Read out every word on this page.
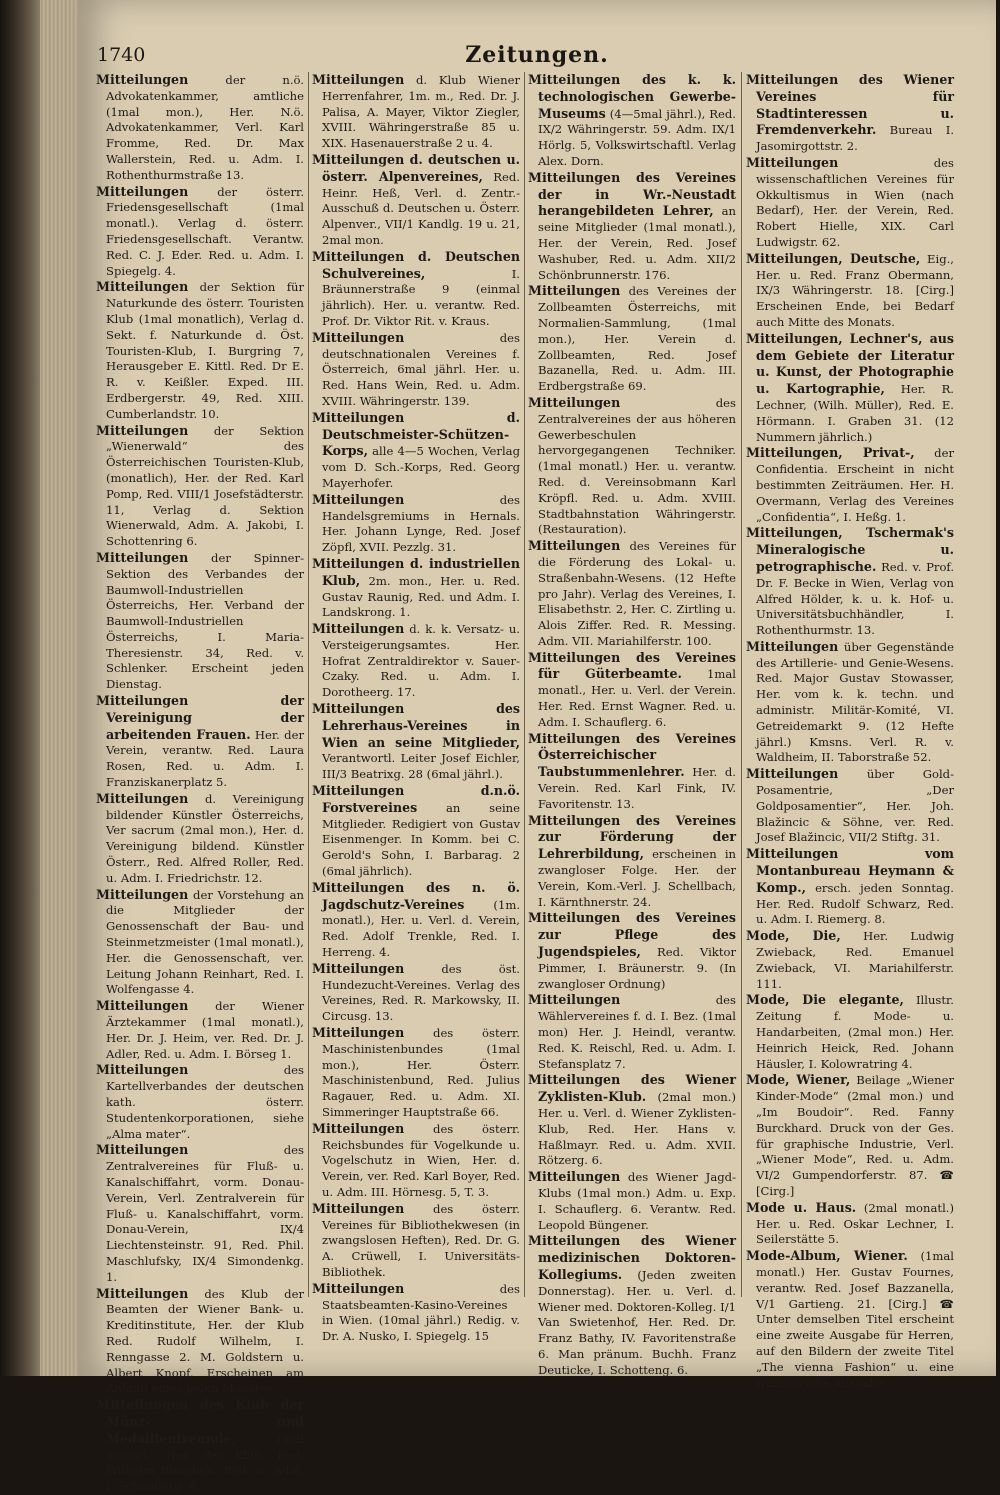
1740	Zeitungen.

Mitteilungen der n.ö. Advokatenkammer, amtliche (1mal mon.), Her. N.ö. Advokatenkammer, Verl. Karl Fromme, Red. Dr. Max Wallerstein, Red. u. Adm. I. Rothenthurmstraße 13.

Mitteilungen der österr. Friedensgesellschaft (1mal monatl.). Verlag d. österr. Friedensgesellschaft. Verantw. Red. C. J. Eder. Red. u. Adm. I. Spiegelg. 4.

Mitteilungen der Sektion für Naturkunde des österr. Touristen Klub (1mal monatlich), Verlag d. Sekt. f. Naturkunde d. Öst. Touristen-Klub, I. Burgring 7, Herausgeber E. Kittl. Red. Dr E. R. v. Keißler. Exped. III. Erdbergerstr. 49, Red. XIII. Cumberlandstr. 10.

Mitteilungen der Sektion „Wienerwald“ des Österreichischen Touristen-Klub, (monatlich), Her. der Red. Karl Pomp, Red. VIII/1 Josefstädterstr. 11, Verlag d. Sektion Wienerwald, Adm. A. Jakobi, I. Schottenring 6.

Mitteilungen der Spinner-Sektion des Verbandes der Baumwoll-Industriellen Österreichs, Her. Verband der Baumwoll-Industriellen Österreichs, I. Maria-Theresienstr. 34, Red. v. Schlenker. Erscheint jeden Dienstag.

Mitteilungen der Vereinigung der arbeitenden Frauen. Her. der Verein, verantw. Red. Laura Rosen, Red. u. Adm. I. Franziskanerplatz 5.

Mitteilungen d. Vereinigung bildender Künstler Österreichs, Ver sacrum (2mal mon.), Her. d. Vereinigung bildend. Künstler Österr., Red. Alfred Roller, Red. u. Adm. I. Friedrichstr. 12.

Mitteilungen der Vorstehung an die Mitglieder der Genossenschaft der Bau- und Steinmetzmeister (1mal monatl.), Her. die Genossenschaft, ver. Leitung Johann Reinhart, Red. I. Wolfengasse 4.

Mitteilungen der Wiener Ärztekammer (1mal monatl.), Her. Dr. J. Heim, ver. Red. Dr. J. Adler, Red. u. Adm. I. Börseg 1.

Mitteilungen des Kartellverbandes der deutschen kath. österr. Studentenkorporationen, siehe „Alma mater“.

Mitteilungen des Zentralvereines für Fluß- u. Kanalschiffahrt, vorm. Donau-Verein, Verl. Zentralverein für Fluß- u. Kanalschiffahrt, vorm. Donau-Verein, IX/4 Liechtensteinstr. 91, Red. Phil. Maschlufsky, IX/4 Simondenkg. 1.

Mitteilungen des Klub der Beamten der Wiener Bank- u. Kreditinstitute, Her. der Klub Red. Rudolf Wilhelm, I. Renngasse 2. M. Goldstern u. Albert Knopf. Erscheinen am Anfang eines jeden Monates.

Mitteilungen des Klub der Münz- und Medaillenfreunde, 1mal monatl., Her. der Klub, Red. Wilhelm Blaschek, Red. u. Adm. I. Schauflerg. 6.

Mitteilungen d. Klub Wiener Herrenfahrer, 1m. m., Red. Dr. J. Palisa, A. Mayer, Viktor Ziegler, XVIII. Währingerstraße 85 u. XIX. Hasenauerstraße 2 u. 4.

Mitteilungen d. deutschen u. österr. Alpenvereines, Red. Heinr. Heß, Verl. d. Zentr.-Ausschuß d. Deutschen u. Österr. Alpenver., VII/1 Kandlg. 19 u. 21, 2mal mon.

Mitteilungen d. Deutschen Schulvereines, I. Bräunnerstraße 9 (einmal jährlich). Her. u. verantw. Red. Prof. Dr. Viktor Rit. v. Kraus.

Mitteilungen des deutschnationalen Vereines f. Österreich, 6mal jährl. Her. u. Red. Hans Wein, Red. u. Adm. XVIII. Währingerstr. 139.

Mitteilungen d. Deutschmeister-Schützen-Korps, alle 4—5 Wochen, Verlag vom D. Sch.-Korps, Red. Georg Mayerhofer.

Mitteilungen des Handelsgremiums in Hernals. Her. Johann Lynge, Red. Josef Zöpfl, XVII. Pezzlg. 31.

Mitteilungen d. industriellen Klub, 2m. mon., Her. u. Red. Gustav Raunig, Red. und Adm. I. Landskrong. 1.

Mitteilungen d. k. k. Versatz- u. Versteigerungsamtes. Her. Hofrat Zentraldirektor v. Sauer-Czaky. Red. u. Adm. I. Dorotheerg. 17.

Mitteilungen des Lehrerhaus-Vereines in Wien an seine Mitglieder, Verantwortl. Leiter Josef Eichler, III/3 Beatrixg. 28 (6mal jährl.).

Mitteilungen d.n.ö. Forstvereines an seine Mitglieder. Redigiert von Gustav Eisenmenger. In Komm. bei C. Gerold's Sohn, I. Barbarag. 2 (6mal jährlich).

Mitteilungen des n. ö. Jagdschutz-Vereines (1m. monatl.), Her. u. Verl. d. Verein, Red. Adolf Trenkle, Red. I. Herreng. 4.

Mitteilungen des öst. Hundezucht-Vereines. Verlag des Vereines, Red. R. Markowsky, II. Circusg. 13.

Mitteilungen des österr. Maschinistenbundes (1mal mon.), Her. Österr. Maschinistenbund, Red. Julius Ragauer, Red. u. Adm. XI. Simmeringer Hauptstraße 66.

Mitteilungen des österr. Reichsbundes für Vogelkunde u. Vogelschutz in Wien, Her. d. Verein, ver. Red. Karl Boyer, Red. u. Adm. III. Hörnesg. 5, T. 3.

Mitteilungen des österr. Vereines für Bibliothekwesen (in zwangslosen Heften), Red. Dr. G. A. Crüwell, I. Universitäts-Bibliothek.

Mitteilungen des Staatsbeamten-Kasino-Vereines in Wien. (10mal jährl.) Redig. v. Dr. A. Nusko, I. Spiegelg. 15

Mitteilungen des k. k. technologischen Gewerbe-Museums (4—5mal jährl.), Red. IX/2 Währingerstr. 59. Adm. IX/1 Hörlg. 5, Volkswirtschaftl. Verlag Alex. Dorn.

Mitteilungen des Vereines der in Wr.-Neustadt herangebildeten Lehrer, an seine Mitglieder (1mal monatl.), Her. der Verein, Red. Josef Washuber, Red. u. Adm. XII/2 Schönbrunnerstr. 176.

Mitteilungen des Vereines der Zollbeamten Österreichs, mit Normalien-Sammlung, (1mal mon.), Her. Verein d. Zollbeamten, Red. Josef Bazanella, Red. u. Adm. III. Erdbergstraße 69.

Mitteilungen des Zentralvereines der aus höheren Gewerbeschulen hervorgegangenen Techniker. (1mal monatl.) Her. u. verantw. Red. d. Vereinsobmann Karl Kröpfl. Red. u. Adm. XVIII. Stadtbahnstation Währingerstr. (Restauration).

Mitteilungen des Vereines für die Förderung des Lokal- u. Straßenbahn-Wesens. (12 Hefte pro Jahr). Verlag des Vereines, I. Elisabethstr. 2, Her. C. Zirtling u. Alois Ziffer. Red. R. Messing. Adm. VII. Mariahilferstr. 100.

Mitteilungen des Vereines für Güterbeamte. 1mal monatl., Her. u. Verl. der Verein. Her. Red. Ernst Wagner. Red. u. Adm. I. Schauflerg. 6.

Mitteilungen des Vereines Österreichischer Taubstummenlehrer. Her. d. Verein. Red. Karl Fink, IV. Favoritenstr. 13.

Mitteilungen des Vereines zur Förderung der Lehrerbildung, erscheinen in zwangloser Folge. Her. der Verein, Kom.-Verl. J. Schellbach, I. Kärnthnerstr. 24.

Mitteilungen des Vereines zur Pflege des Jugendspieles, Red. Viktor Pimmer, I. Bräunerstr. 9. (In zwangloser Ordnung)

Mitteilungen des Wählervereines f. d. I. Bez. (1mal mon) Her. J. Heindl, verantw. Red. K. Reischl, Red. u. Adm. I. Stefansplatz 7.

Mitteilungen des Wiener Zyklisten-Klub. (2mal mon.) Her. u. Verl. d. Wiener Zyklisten-Klub, Red. Her. Hans v. Haßlmayr. Red. u. Adm. XVII. Rötzerg. 6.

Mitteilungen des Wiener Jagd-Klubs (1mal mon.) Adm. u. Exp. I. Schauflerg. 6. Verantw. Red. Leopold Büngener.

Mitteilungen des Wiener medizinischen Doktoren-Kollegiums. (Jeden zweiten Donnerstag). Her. u. Verl. d. Wiener med. Doktoren-Kolleg. I/1 Van Swietenhof, Her. Red. Dr. Franz Bathy, IV. Favoritenstraße 6. Man pränum. Buchh. Franz Deuticke, I. Schotteng. 6.

Mitteilungen des Wiener Vereines für Stadtinteressen u. Fremdenverkehr. Bureau I. Jasomirgottstr. 2.

Mitteilungen des wissenschaftlichen Vereines für Okkultismus in Wien (nach Bedarf), Her. der Verein, Red. Robert Hielle, XIX. Carl Ludwigstr. 62.

Mitteilungen, Deutsche, Eig., Her. u. Red. Franz Obermann, IX/3 Währingerstr. 18. [Cirg.] Erscheinen Ende, bei Bedarf auch Mitte des Monats.

Mitteilungen, Lechner's, aus dem Gebiete der Literatur u. Kunst, der Photographie u. Kartographie, Her. R. Lechner, (Wilh. Müller), Red. E. Hörmann. I. Graben 31. (12 Nummern jährlich.)

Mitteilungen, Privat-, der Confidentia. Erscheint in nicht bestimmten Zeiträumen. Her. H. Overmann, Verlag des Vereines „Confidentia“, I. Heßg. 1.

Mitteilungen, Tschermak's Mineralogische u. petrographische. Red. v. Prof. Dr. F. Becke in Wien, Verlag von Alfred Hölder, k. u. k. Hof- u. Universitätsbuchhändler, I. Rothenthurmstr. 13.

Mitteilungen über Gegenstände des Artillerie- und Genie-Wesens. Red. Major Gustav Stowasser, Her. vom k. k. techn. und administr. Militär-Komité, VI. Getreidemarkt 9. (12 Hefte jährl.) Kmsns. Verl. R. v. Waldheim, II. Taborstraße 52.

Mitteilungen über Gold-Posamentrie, „Der Goldposamentier“, Her. Joh. Blažincic & Söhne, ver. Red. Josef Blažincic, VII/2 Stiftg. 31.

Mitteilungen vom Montanbureau Heymann & Komp., ersch. jeden Sonntag. Her. Red. Rudolf Schwarz, Red. u. Adm. I. Riemerg. 8.

Mode, Die, Her. Ludwig Zwieback, Red. Emanuel Zwieback, VI. Mariahilferstr. 111.

Mode, Die elegante, Illustr. Zeitung f. Mode- u. Handarbeiten, (2mal mon.) Her. Heinrich Heick, Red. Johann Häusler, I. Kolowratring 4.

Mode, Wiener, Beilage „Wiener Kinder-Mode“ (2mal mon.) und „Im Boudoir“. Red. Fanny Burckhard. Druck von der Ges. für graphische Industrie, Verl. „Wiener Mode“, Red. u. Adm. VI/2 Gumpendorferstr. 87. ☎ [Cirg.]

Mode u. Haus. (2mal monatl.) Her. u. Red. Oskar Lechner, I. Seilerstätte 5.

Mode-Album, Wiener. (1mal monatl.) Her. Gustav Fournes, verantw. Red. Josef Bazzanella, V/1 Gartieng. 21. [Cirg.] ☎ Unter demselben Titel erscheint eine zweite Ausgabe für Herren, auf den Bildern der zweite Titel „The vienna Fashion“ u. eine französische Ausgabe.
